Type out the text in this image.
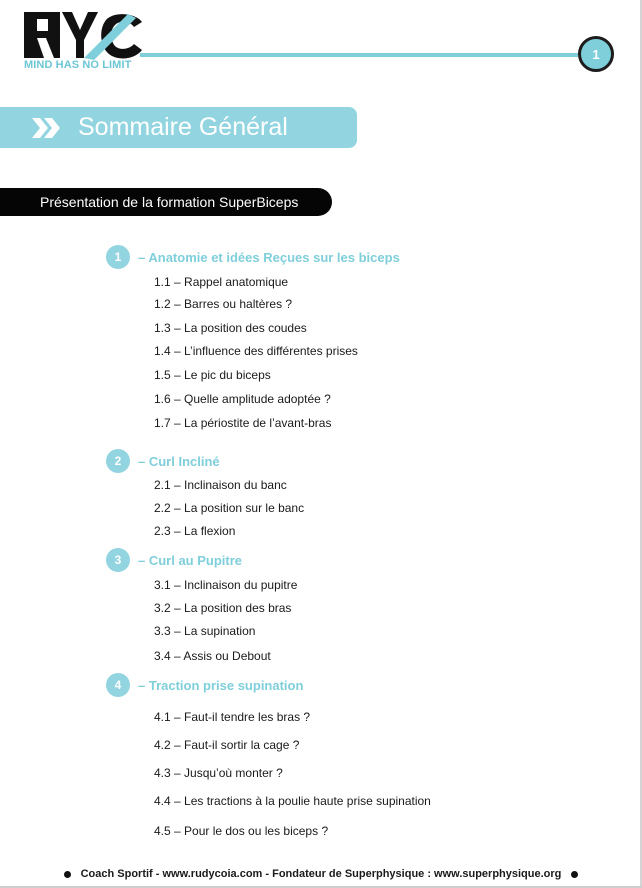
MIND HAS NO LIMIT
1
Sommaire Général
Présentation de la formation SuperBiceps
1	– Anatomie et idées Reçues sur les biceps
1.1 – Rappel anatomique
1.2 – Barres ou haltères ?
1.3 – La position des coudes
1.4 – L’influence des différentes prises
1.5 – Le pic du biceps
1.6 – Quelle amplitude adoptée ?
1.7 – La périostite de l’avant-bras
2	– Curl Incliné
2.1 – Inclinaison du banc
2.2 – La position sur le banc
2.3 – La flexion
3	– Curl au Pupitre
3.1 – Inclinaison du pupitre
3.2 – La position des bras
3.3 – La supination
3.4 – Assis ou Debout
4	– Traction prise supination
4.1 – Faut-il tendre les bras ?
4.2 – Faut-il sortir la cage ?
4.3 – Jusqu’où monter ?
4.4 – Les tractions à la poulie haute prise supination
4.5 – Pour le dos ou les biceps ?
Coach Sportif - www.rudycoia.com - Fondateur de Superphysique : www.superphysique.org
